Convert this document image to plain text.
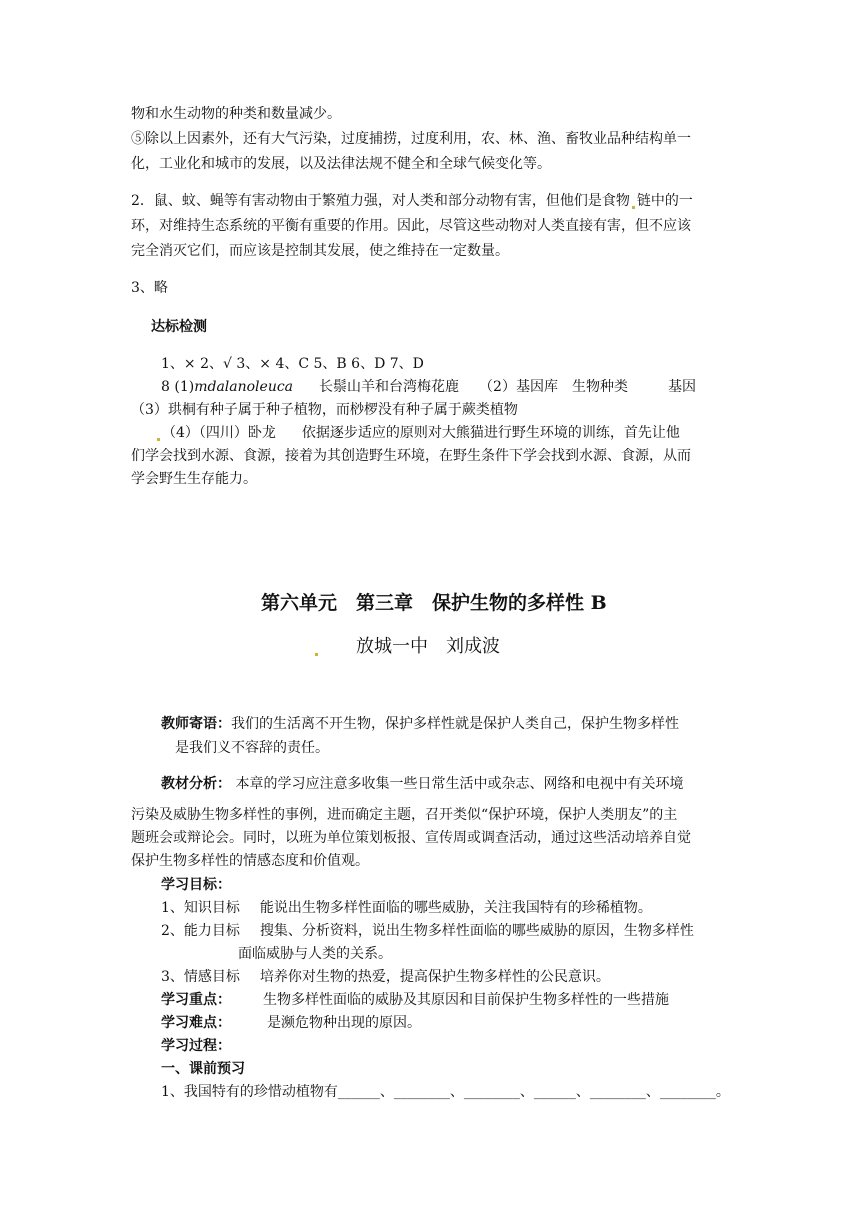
物和水生动物的种类和数量减少。
⑤除以上因素外，还有大气污染，过度捕捞，过度利用，农、林、渔、畜牧业品种结构单一
化，工业化和城市的发展，以及法律法规不健全和全球气候变化等。
2．鼠、蚊、蝇等有害动物由于繁殖力强，对人类和部分动物有害，但他们是食物 链中的一
环，对维持生态系统的平衡有重要的作用。因此，尽管这些动物对人类直接有害，但不应该
完全消灭它们，而应该是控制其发展，使之维持在一定数量。
3、略
达标检测
1、× 2、√ 3、× 4、C 5、B 6、D 7、D
8 (1)mdalanoleuca 长鬃山羊和台湾梅花鹿 （2）基因库 生物种类	基因
（3）珙桐有种子属于种子植物，而桫椤没有种子属于蕨类植物
（4）（四川）卧龙 依据逐步适应的原则对大熊猫进行野生环境的训练，首先让他
们学会找到水源、食源，接着为其创造野生环境，在野生条件下学会找到水源、食源，从而
学会野生生存能力。
第六单元　第三章　保护生物的多样性 B
放城一中　刘成波
教师寄语：我们的生活离不开生物，保护多样性就是保护人类自己，保护生物多样性
是我们义不容辞的责任。
教材分析： 本章的学习应注意多收集一些日常生活中或杂志、网络和电视中有关环境
污染及威胁生物多样性的事例，进而确定主题，召开类似“保护环境，保护人类朋友”的主
题班会或辩论会。同时，以班为单位策划板报、宣传周或调查活动，通过这些活动培养自觉
保护生物多样性的情感态度和价值观。
学习目标：
1、知识目标 能说出生物多样性面临的哪些威胁，关注我国特有的珍稀植物。
2、能力目标 搜集、分析资料，说出生物多样性面临的哪些威胁的原因，生物多样性
面临威胁与人类的关系。
3、情感目标 培养你对生物的热爱，提高保护生物多样性的公民意识。
学习重点： 生物多样性面临的威胁及其原因和目前保护生物多样性的一些措施
学习难点：	是濒危物种出现的原因。
学习过程：
一、课前预习
1、我国特有的珍惜动植物有______、________、________、______、________、________。
